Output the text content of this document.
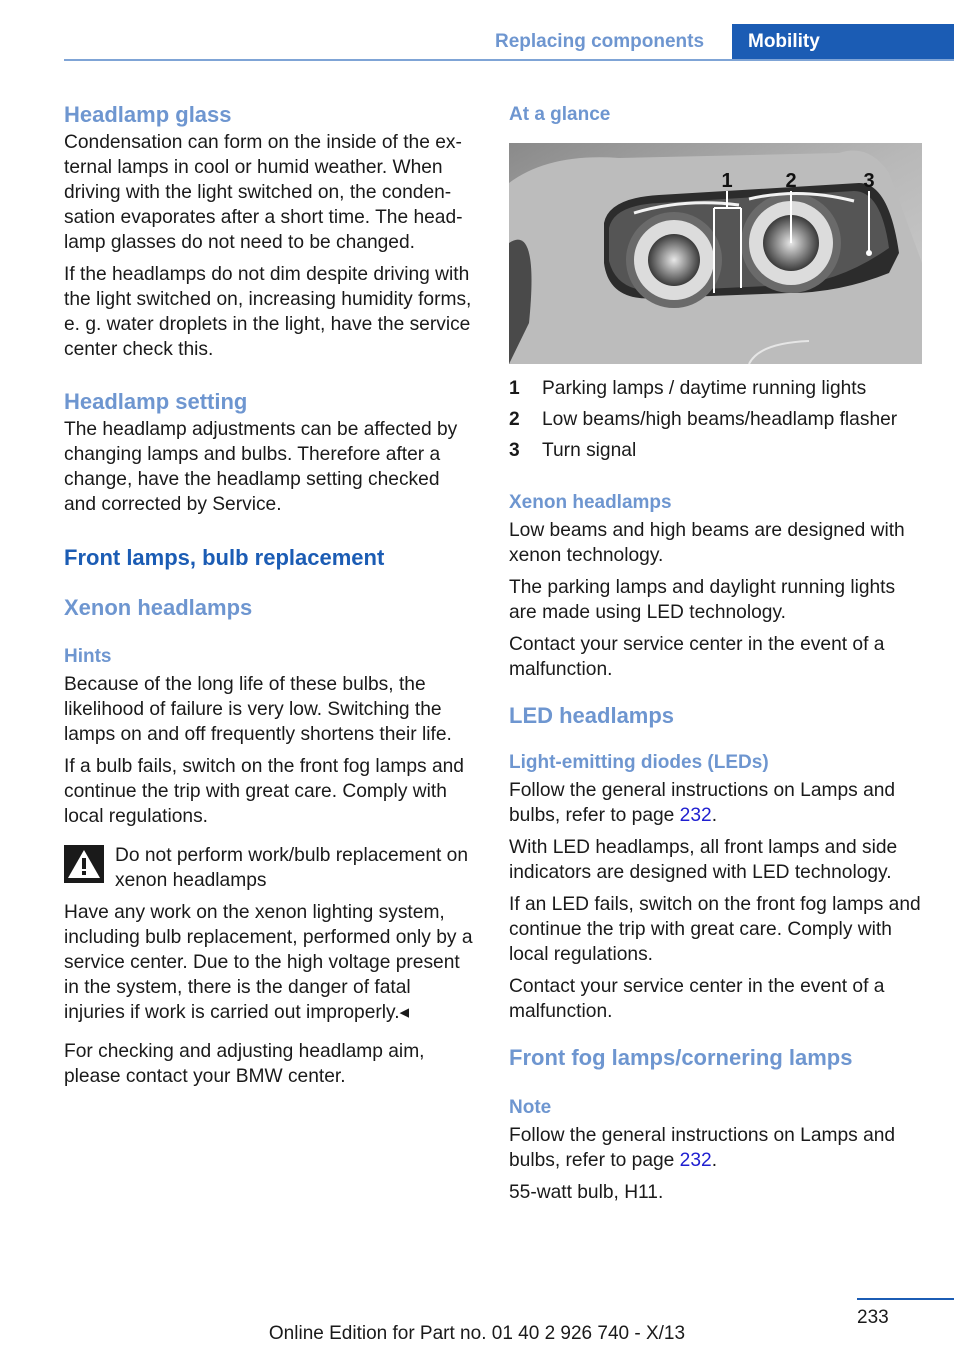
Replacing components Mobility
Headlamp glass

Condensation can form on the inside of the ex-ternal lamps in cool or humid weather. When driving with the light switched on, the conden-sation evaporates after a short time. The head-lamp glasses do not need to be changed.

If the headlamps do not dim despite driving with the light switched on, increasing humidity forms, e. g. water droplets in the light, have the service center check this.

Headlamp setting

The headlamp adjustments can be affected by changing lamps and bulbs. Therefore after a change, have the headlamp setting checked and corrected by Service.

Front lamps, bulb replacement
Xenon headlamps
Hints

Because of the long life of these bulbs, the likelihood of failure is very low. Switching the lamps on and off frequently shortens their life.

If a bulb fails, switch on the front fog lamps and continue the trip with great care. Comply with local regulations.

Do not perform work/bulb replacement on xenon headlamps

Have any work on the xenon lighting system, including bulb replacement, performed only by a service center. Due to the high voltage present in the system, there is the danger of fatal injuries if work is carried out improperly.◂

For checking and adjusting headlamp aim, please contact your BMW center.

At a glance
1	2	3
1	Parking lamps / daytime running lights
2	Low beams/high beams/headlamp flasher
3	Turn signal
Xenon headlamps

Low beams and high beams are designed with xenon technology.

The parking lamps and daylight running lights are made using LED technology.

Contact your service center in the event of a malfunction.

LED headlamps
Light-emitting diodes (LEDs)

Follow the general instructions on Lamps and bulbs, refer to page 232.

With LED headlamps, all front lamps and side indicators are designed with LED technology.

If an LED fails, switch on the front fog lamps and continue the trip with great care. Comply with local regulations.

Contact your service center in the event of a malfunction.

Front fog lamps/cornering lamps
Note

Follow the general instructions on Lamps and bulbs, refer to page 232.

55-watt bulb, H11.

233
Online Edition for Part no. 01 40 2 926 740 - X/13
